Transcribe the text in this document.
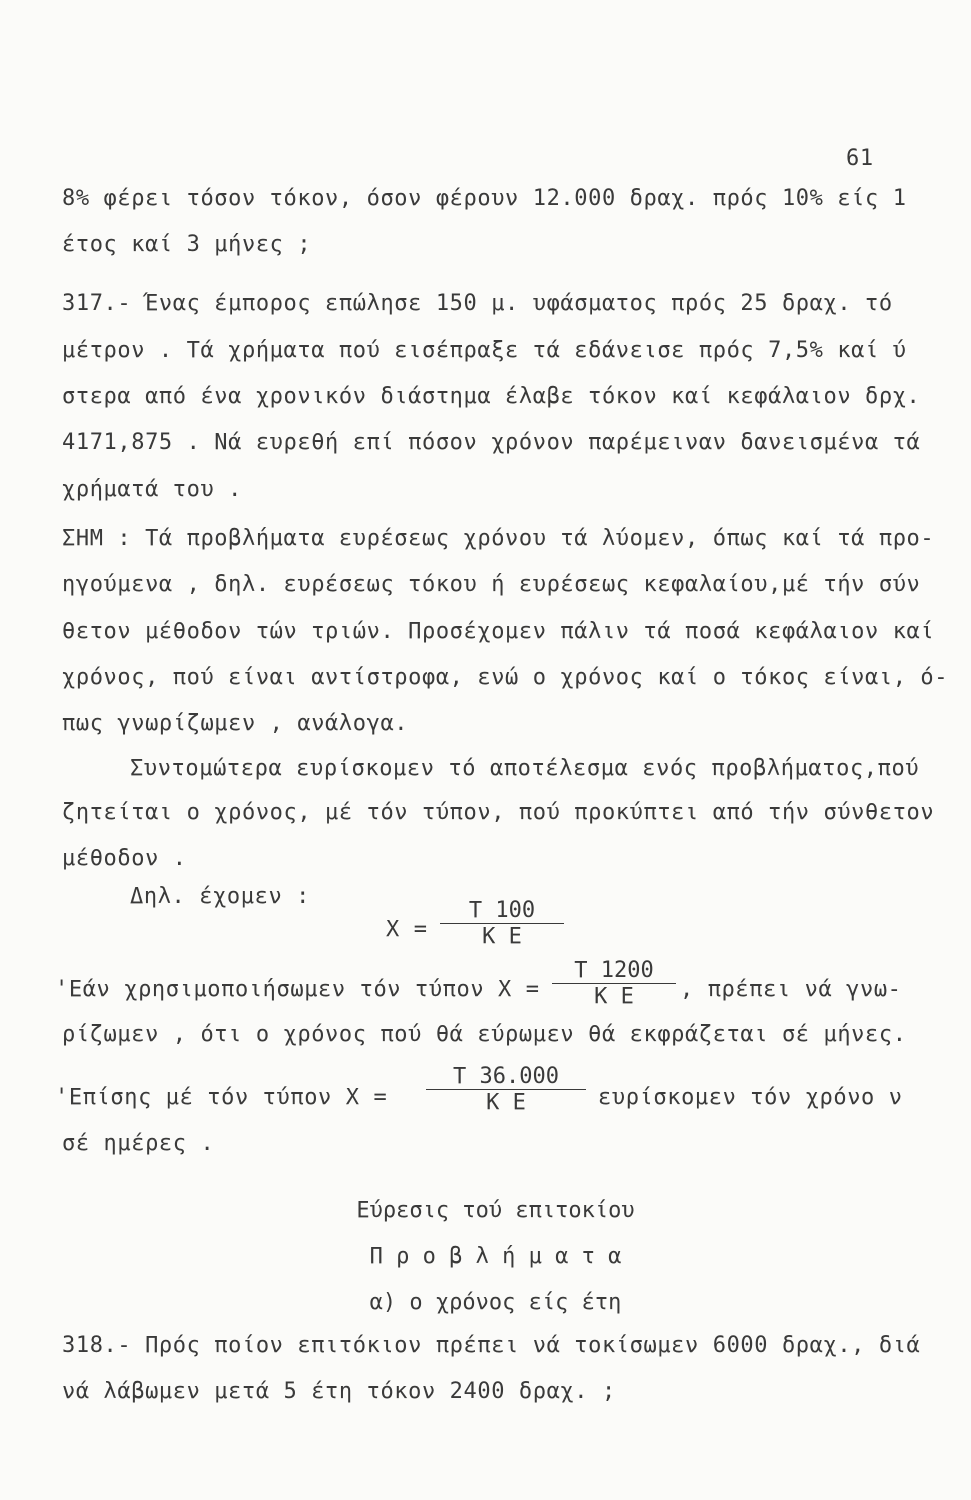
61
8% φέρει τόσον τόκον, όσον φέρουν 12.000 δραχ. πρός 10% είς 1
έτος καί 3 μήνες ;
317.- Ένας έμπορος επώλησε 150 μ. υφάσματος πρός 25 δραχ. τό
μέτρον . Τά χρήματα πού εισέπραξε τά εδάνεισε πρός 7,5% καί ύ
στερα από ένα χρονικόν διάστημα έλαβε τόκον καί κεφάλαιον δρχ.
4171,875 . Νά ευρεθή επί πόσον χρόνον παρέμειναν δανεισμένα τά
χρήματά του .
ΣΗΜ : Τά προβλήματα ευρέσεως χρόνου τά λύομεν, όπως καί τά προ-
ηγούμενα , δηλ. ευρέσεως τόκου ή ευρέσεως κεφαλαίου,μέ τήν σύν
θετον μέθοδον τών τριών. Προσέχομεν πάλιν τά ποσά κεφάλαιον καί
χρόνος, πού είναι αντίστροφα, ενώ ο χρόνος καί ο τόκος είναι, ό-
πως γνωρίζωμεν , ανάλογα.
Συντομώτερα ευρίσκομεν τό αποτέλεσμα ενός προβλήματος,πού
ζητείται ο χρόνος, μέ τόν τύπον, πού προκύπτει από τήν σύνθετον
μέθοδον .
Δηλ. έχομεν :
Χ =
Τ 100
Κ Ε
'Εάν χρησιμοποιήσωμεν τόν τύπον Χ =
Τ 1200
Κ Ε	, πρέπει νά γνω-
ρίζωμεν , ότι ο χρόνος πού θά εύρωμεν θά εκφράζεται σέ μήνες.
'Επίσης μέ τόν τύπον Χ =
Τ 36.000
Κ Ε	ευρίσκομεν τόν χρόνο ν
σέ ημέρες .
Εύρεσις τού επιτοκίου
Π ρ ο β λ ή μ α τ α
α) ο χρόνος είς έτη
318.- Πρός ποίον επιτόκιον πρέπει νά τοκίσωμεν 6000 δραχ., διά
νά λάβωμεν μετά 5 έτη τόκον 2400 δραχ. ;
